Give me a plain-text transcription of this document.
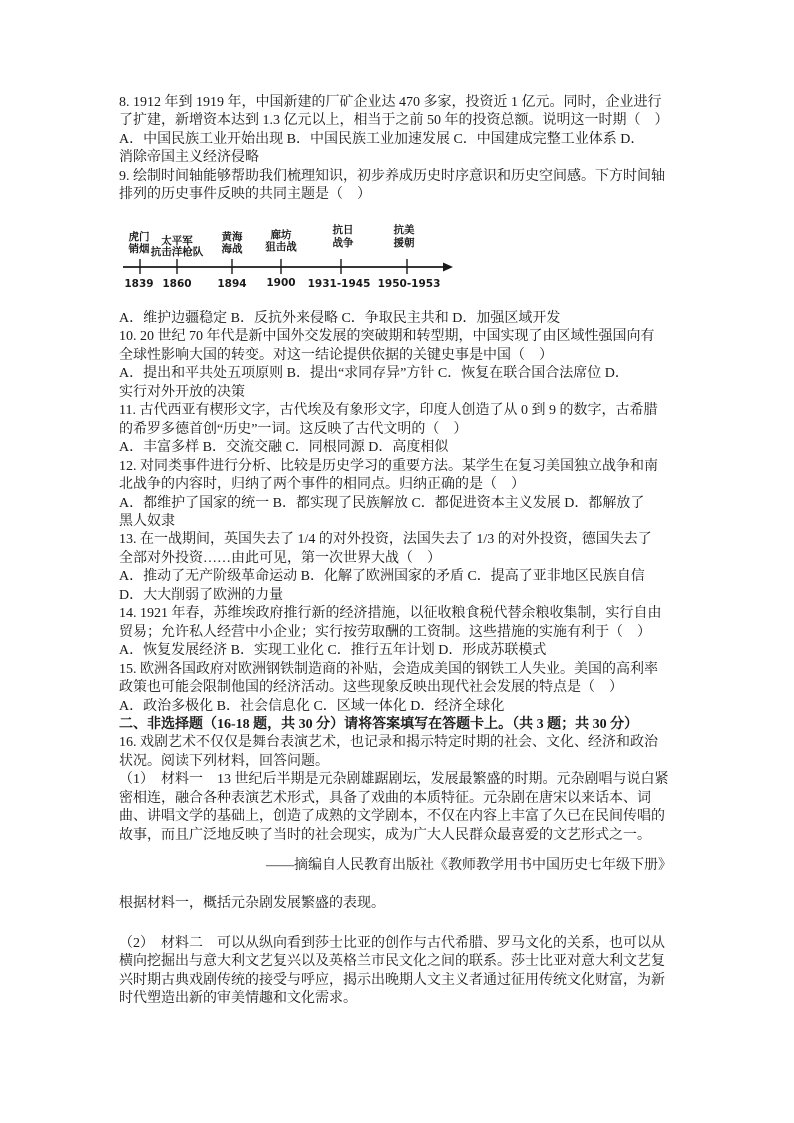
8. 1912 年到 1919 年，中国新建的厂矿企业达 470 多家，投资近 1 亿元。同时，企业进行
了扩建，新增资本达到 1.3 亿元以上，相当于之前 50 年的投资总额。说明这一时期（    ）
A．中国民族工业开始出现 B．中国民族工业加速发展 C．中国建成完整工业体系 D．
消除帝国主义经济侵略
9. 绘制时间轴能够帮助我们梳理知识，初步养成历史时序意识和历史空间感。下方时间轴
排列的历史事件反映的共同主题是（    ）
虎门
销烟
1839
太平军
抗击洋枪队
1860
黄海
海战
1894
廊坊
狙击战
1900
抗日
战争
1931-1945
抗美
援朝
1950-1953
A．维护边疆稳定 B．反抗外来侵略 C．争取民主共和 D．加强区域开发
10. 20 世纪 70 年代是新中国外交发展的突破期和转型期，中国实现了由区域性强国向有
全球性影响大国的转变。对这一结论提供依据的关键史事是中国（    ）
A．提出和平共处五项原则 B．提出“求同存异”方针 C．恢复在联合国合法席位 D．
实行对外开放的决策
11. 古代西亚有楔形文字，古代埃及有象形文字，印度人创造了从 0 到 9 的数字，古希腊
的希罗多德首创“历史”一词。这反映了古代文明的（    ）
A．丰富多样 B．交流交融 C．同根同源 D．高度相似
12. 对同类事件进行分析、比较是历史学习的重要方法。某学生在复习美国独立战争和南
北战争的内容时，归纳了两个事件的相同点。归纳正确的是（    ）
A．都维护了国家的统一 B．都实现了民族解放 C．都促进资本主义发展 D．都解放了
黑人奴隶
13. 在一战期间，英国失去了 1/4 的对外投资，法国失去了 1/3 的对外投资，德国失去了
全部对外投资……由此可见，第一次世界大战（    ）
A．推动了无产阶级革命运动 B．化解了欧洲国家的矛盾 C．提高了亚非地区民族自信
D．大大削弱了欧洲的力量
14. 1921 年春，苏维埃政府推行新的经济措施，以征收粮食税代替余粮收集制，实行自由
贸易；允许私人经营中小企业；实行按劳取酬的工资制。这些措施的实施有利于（    ）
A．恢复发展经济 B．实现工业化 C．推行五年计划 D．形成苏联模式
15. 欧洲各国政府对欧洲钢铁制造商的补贴，会造成美国的钢铁工人失业。美国的高利率
政策也可能会限制他国的经济活动。这些现象反映出现代社会发展的特点是（    ）
A．政治多极化 B．社会信息化 C．区域一体化 D．经济全球化
二、非选择题（16-18 题，共 30 分）请将答案填写在答题卡上。（共 3 题；共 30 分）
16. 戏剧艺术不仅仅是舞台表演艺术，也记录和揭示特定时期的社会、文化、经济和政治
状况。阅读下列材料，回答问题。
（1）  材料一    13 世纪后半期是元杂剧雄踞剧坛，发展最繁盛的时期。元杂剧唱与说白紧
密相连，融合各种表演艺术形式，具备了戏曲的本质特征。元杂剧在唐宋以来话本、词
曲、讲唱文学的基础上，创造了成熟的文学剧本，不仅在内容上丰富了久已在民间传唱的
故事，而且广泛地反映了当时的社会现实，成为广大人民群众最喜爱的文艺形式之一。
——摘编自人民教育出版社《教师教学用书中国历史七年级下册》
根据材料一，概括元杂剧发展繁盛的表现。
（2）  材料二    可以从纵向看到莎士比亚的创作与古代希腊、罗马文化的关系，也可以从
横向挖掘出与意大利文艺复兴以及英格兰市民文化之间的联系。莎士比亚对意大利文艺复
兴时期古典戏剧传统的接受与呼应，揭示出晚期人文主义者通过征用传统文化财富，为新
时代塑造出新的审美情趣和文化需求。
